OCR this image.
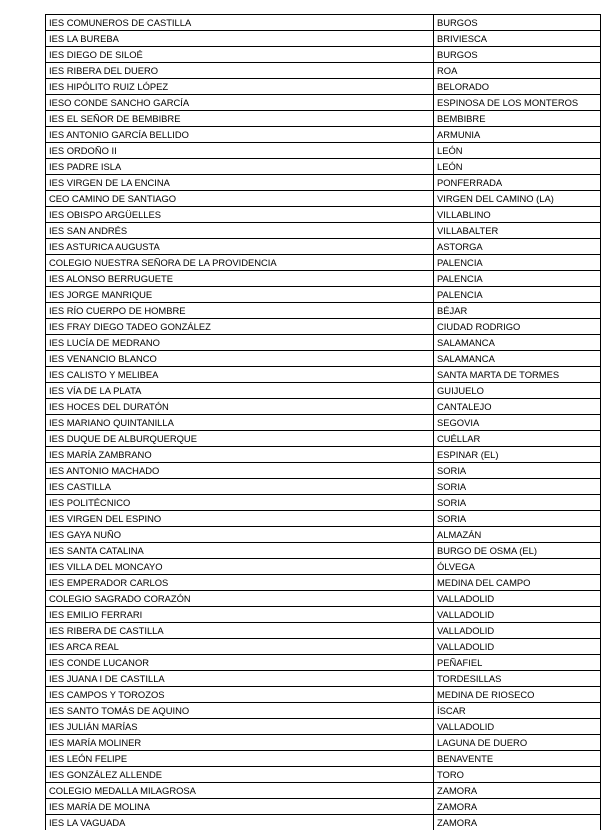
IES COMUNEROS DE CASTILLA	BURGOS
IES LA BUREBA	BRIVIESCA
IES DIEGO DE SILOÉ	BURGOS
IES RIBERA DEL DUERO	ROA
IES HIPÓLITO RUIZ LÓPEZ	BELORADO
IESO CONDE SANCHO GARCÍA	ESPINOSA DE LOS MONTEROS
IES EL SEÑOR DE BEMBIBRE	BEMBIBRE
IES ANTONIO GARCÍA BELLIDO	ARMUNIA
IES ORDOÑO II	LEÓN
IES PADRE ISLA	LEÓN
IES VIRGEN DE LA ENCINA	PONFERRADA
CEO CAMINO DE SANTIAGO	VIRGEN DEL CAMINO (LA)
IES OBISPO ARGÜELLES	VILLABLINO
IES SAN ANDRÉS	VILLABALTER
IES ASTURICA AUGUSTA	ASTORGA
COLEGIO NUESTRA SEÑORA DE LA PROVIDENCIA	PALENCIA
IES ALONSO BERRUGUETE	PALENCIA
IES JORGE MANRIQUE	PALENCIA
IES RÍO CUERPO DE HOMBRE	BÉJAR
IES FRAY DIEGO TADEO GONZÁLEZ	CIUDAD RODRIGO
IES LUCÍA DE MEDRANO	SALAMANCA
IES VENANCIO BLANCO	SALAMANCA
IES CALISTO Y MELIBEA	SANTA MARTA DE TORMES
IES VÍA DE LA PLATA	GUIJUELO
IES HOCES DEL DURATÓN	CANTALEJO
IES MARIANO QUINTANILLA	SEGOVIA
IES DUQUE DE ALBURQUERQUE	CUÉLLAR
IES MARÍA ZAMBRANO	ESPINAR (EL)
IES ANTONIO MACHADO	SORIA
IES CASTILLA	SORIA
IES POLITÉCNICO	SORIA
IES VIRGEN DEL ESPINO	SORIA
IES GAYA NUÑO	ALMAZÁN
IES SANTA CATALINA	BURGO DE OSMA (EL)
IES VILLA DEL MONCAYO	ÓLVEGA
IES EMPERADOR CARLOS	MEDINA DEL CAMPO
COLEGIO SAGRADO CORAZÓN	VALLADOLID
IES EMILIO FERRARI	VALLADOLID
IES RIBERA DE CASTILLA	VALLADOLID
IES ARCA REAL	VALLADOLID
IES CONDE LUCANOR	PEÑAFIEL
IES JUANA I DE CASTILLA	TORDESILLAS
IES CAMPOS Y TOROZOS	MEDINA DE RIOSECO
IES SANTO TOMÁS DE AQUINO	ÍSCAR
IES JULIÁN MARÍAS	VALLADOLID
IES MARÍA MOLINER	LAGUNA DE DUERO
IES LEÓN FELIPE	BENAVENTE
IES GONZÁLEZ ALLENDE	TORO
COLEGIO MEDALLA MILAGROSA	ZAMORA
IES MARÍA DE MOLINA	ZAMORA
IES LA VAGUADA	ZAMORA
